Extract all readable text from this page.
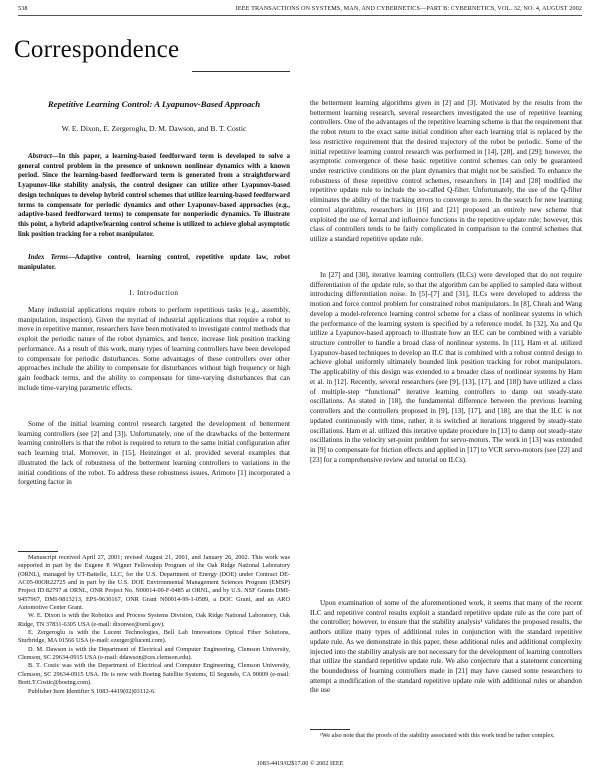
538	IEEE TRANSACTIONS ON SYSTEMS, MAN, AND CYBERNETICS—PART B: CYBERNETICS, VOL. 32, NO. 4, AUGUST 2002
Correspondence
Repetitive Learning Control: A Lyapunov-Based Approach
W. E. Dixon, E. Zergeroglu, D. M. Dawson, and B. T. Costic
Abstract—In this paper, a learning-based feedforward term is developed to solve a general control problem in the presence of unknown nonlinear dynamics with a known period. Since the learning-based feedforward term is generated from a straightforward Lyapunov-like stability analysis, the control designer can utilize other Lyapunov-based design techniques to develop hybrid control schemes that utilize learning-based feedforward terms to compensate for periodic dynamics and other Lyapunov-based approaches (e.g., adaptive-based feedforward terms) to compensate for nonperiodic dynamics. To illustrate this point, a hybrid adaptive/learning control scheme is utilized to achieve global asymptotic link position tracking for a robot manipulator.
Index Terms—Adaptive control, learning control, repetitive update law, robot manipulator.
I. Introduction

Many industrial applications require robots to perform repetitious tasks (e.g., assembly, manipulation, inspection). Given the myriad of industrial applications that require a robot to move in repetitive manner, researchers have been motivated to investigate control methods that exploit the periodic nature of the robot dynamics, and hence, increase link position tracking performance. As a result of this work, many types of learning controllers have been developed to compensate for periodic disturbances. Some advantages of these controllers over other approaches include the ability to compensate for disturbances without high frequency or high gain feedback terms, and the ability to compensate for time-varying disturbances that can include time-varying parametric effects.

Some of the initial learning control research targeted the development of betterment learning controllers (see [2] and [3]). Unfortunately, one of the drawbacks of the betterment learning controllers is that the robot is required to return to the same initial configuration after each learning trial. Moreover, in [15], Heinzinger et al. provided several examples that illustrated the lack of robustness of the betterment learning controllers to variations in the initial conditions of the robot. To address these robustness issues, Arimoto [1] incorporated a forgetting factor in

Manuscript received April 27, 2001; revised August 21, 2001, and January 26, 2002. This work was supported in part by the Eugene P. Wigner Fellowship Program of the Oak Ridge National Laboratory (ORNL), managed by UT-Battelle, LLC, for the U.S. Department of Energy (DOE) under Contract DE-AC05-00OR22725 and in part by the U.S. DOE Environmental Management Sciences Program (EMSP) Project ID 82797 at ORNL, ONR Project No. N00014-00-F-0485 at ORNL, and by U.S. NSF Grants DMI-9457967, DMI-9813213, EPS-9630167, ONR Grant N00014-99-1-0589, a DOC Grant, and an ARO Automotive Center Grant.

W. E. Dixon is with the Robotics and Process Systems Division, Oak Ridge National Laboratory, Oak Ridge, TN 37831-6305 USA (e-mail: dixonwe@ornl.gov).

E. Zergeroglu is with the Lucent Technologies, Bell Lab Innovations Optical Fiber Solutions, Sturbridge, MA 01566 USA (e-mail: ezerger@lucent.com).

D. M. Dawson is with the Department of Electrical and Computer Engineering, Clemson University, Clemson, SC 29634-0915 USA (e-mail: ddawson@ces.clemson.edu).

B. T. Costic was with the Department of Electrical and Computer Engineering, Clemson University, Clemson, SC 29634-0915 USA. He is now with Boeing Satellite Systems, El Segundo, CA 90009 (e-mail: Brett.T.Costic@boeing.com).

Publisher Item Identifier S 1083-4419(02)03112-6.

the betterment learning algorithms given in [2] and [3]. Motivated by the results from the betterment learning research, several researchers investigated the use of repetitive learning controllers. One of the advantages of the repetitive learning scheme is that the requirement that the robot return to the exact same initial condition after each learning trial is replaced by the less restrictive requirement that the desired trajectory of the robot be periodic. Some of the initial repetitive learning control research was performed in [14], [28], and [29]; however, the asymptotic convergence of these basic repetitive control schemes can only be guaranteed under restrictive conditions on the plant dynamics that might not be satisfied. To enhance the robustness of these repetitive control schemes, researchers in [14] and [28] modified the repetitive update rule to include the so-called Q-filter. Unfortunately, the use of the Q-filter eliminates the ability of the tracking errors to converge to zero. In the search for new learning control algorithms, researchers in [16] and [21] proposed an entirely new scheme that exploited the use of kernal and influence functions in the repetitive update rule; however, this class of controllers tends to be fairly complicated in comparison to the control schemes that utilize a standard repetitive update rule.

In [27] and [30], iterative learning controllers (ILCs) were developed that do not require differentiation of the update rule, so that the algorithm can be applied to sampled data without introducing differentiation noise. In [5]–[7] and [31], ILCs were developed to address the motion and force control problem for constrained robot manipulators. In [8], Cheah and Wang develop a model-reference learning control scheme for a class of nonlinear systems in which the performance of the learning system is specified by a reference model. In [32], Xu and Qu utilize a Lyapunov-based approach to illustrate how an ILC can be combined with a variable structure controller to handle a broad class of nonlinear systems. In [11], Ham et al. utilized Lyapunov-based techniques to develop an ILC that is combined with a robust control design to achieve global uniformly ultimately bounded link position tracking for robot manipulators. The applicability of this design was extended to a broader class of nonlinear systems by Ham et al. in [12]. Recently, several researchers (see [9], [13], [17], and [18]) have utilized a class of multiple-step “functional” iterative learning controllers to damp out steady-state oscillations. As stated in [18], the fundamental difference between the previous learning controllers and the controllers proposed in [9], [13], [17], and [18], are that the ILC is not updated continuously with time, rather, it is switched at iterations triggered by steady-state oscillations. Ham et al. utilized this iterative update procedure in [13] to damp out steady-state oscillations in the velocity set-point problem for servo-motors. The work in [13] was extended in [9] to compensate for friction effects and applied in [17] to VCR servo-motors (see [22] and [23] for a comprehensive review and tutorial on ILCs).

Upon examination of some of the aforementioned work, it seems that many of the recent ILC and repetitive control results exploit a standard repetitive update rule as the core part of the controller; however, to ensure that the stability analysis¹ validates the proposed results, the authors utilize many types of additional rules in conjunction with the standard repetitive update rule. As we demonstrate in this paper, these additional rules and additional complexity injected into the stability analysis are not necessary for the development of learning controllers that utilize the standard repetitive update rule. We also conjecture that a statement concerning the boundedness of learning controllers made in [21] may have caused some researchers to attempt a modification of the standard repetitive update rule with additional rules or abandon the use

¹We also note that the proofs of the stability associated with this work tend be rather complex.

1083-4419/02$17.00 © 2002 IEEE
